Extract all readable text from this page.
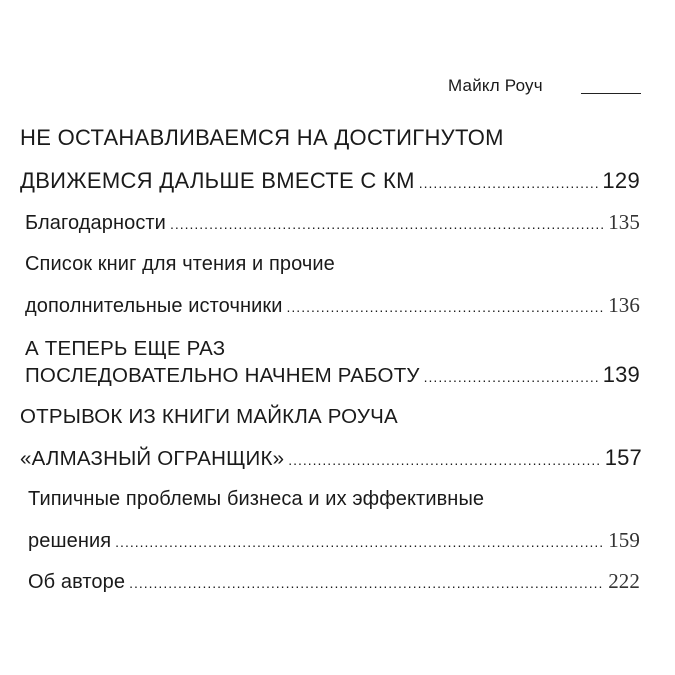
Майкл Роуч
НЕ ОСТАНАВЛИВАЕМСЯ НА ДОСТИГНУТОМ
ДВИЖЕМСЯ ДАЛЬШЕ ВМЕСТЕ С КМ .....	129
Благодарности .....	135
Список книг для чтения и прочие
дополнительные источники .....	136
А ТЕПЕРЬ ЕЩЕ РАЗ
ПОСЛЕДОВАТЕЛЬНО НАЧНЕМ РАБОТУ .....	139
ОТРЫВОК ИЗ КНИГИ МАЙКЛА РОУЧА
«АЛМАЗНЫЙ ОГРАНЩИК» .....	157
Типичные проблемы бизнеса и их эффективные
решения .....	159
Об авторе .....	222
